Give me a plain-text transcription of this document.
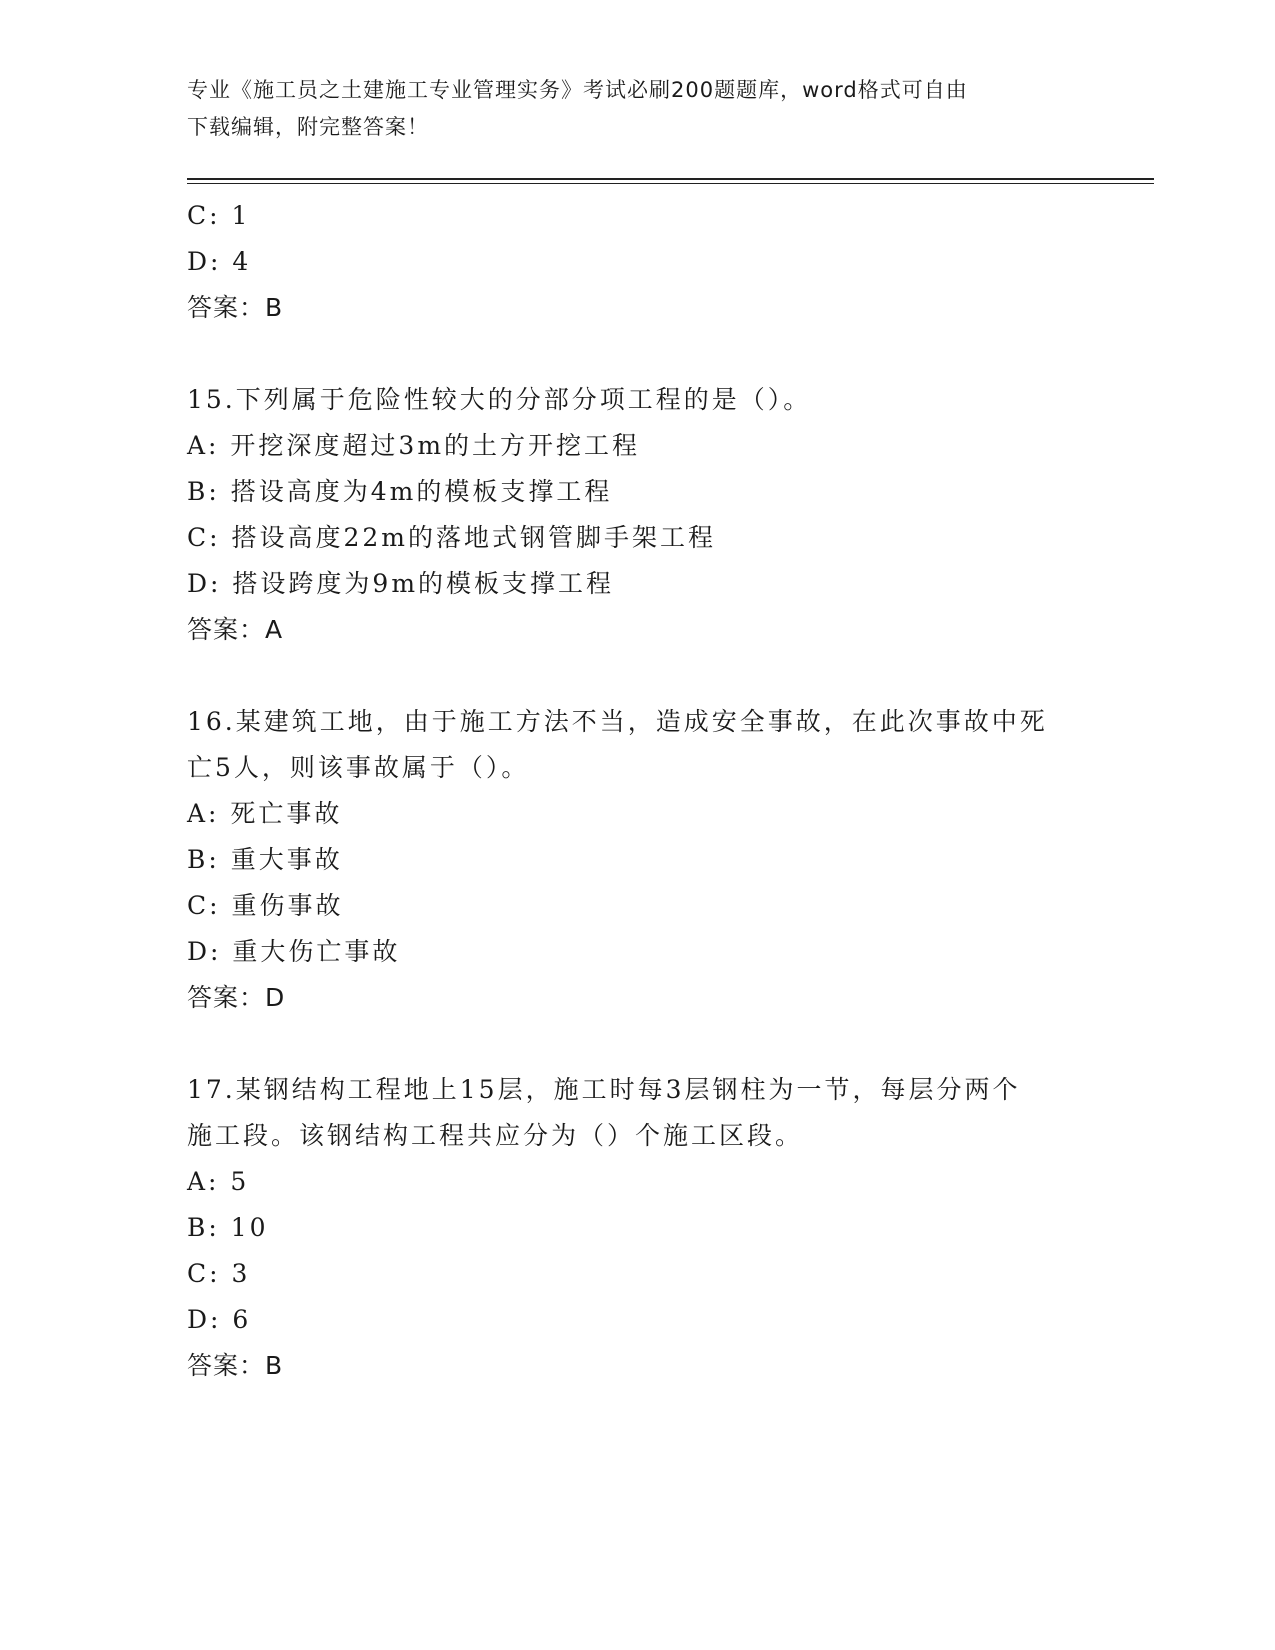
专业《施工员之土建施工专业管理实务》考试必刷200题题库，word格式可自由
下载编辑，附完整答案！
C: 1
D: 4
答案：B
15.下列属于危险性较大的分部分项工程的是（）。
A: 开挖深度超过3m的土方开挖工程
B: 搭设高度为4m的模板支撑工程
C: 搭设高度22m的落地式钢管脚手架工程
D: 搭设跨度为9m的模板支撑工程
答案：A
16.某建筑工地，由于施工方法不当，造成安全事故，在此次事故中死
亡5人，则该事故属于（）。
A: 死亡事故
B: 重大事故
C: 重伤事故
D: 重大伤亡事故
答案：D
17.某钢结构工程地上15层，施工时每3层钢柱为一节，每层分两个
施工段。该钢结构工程共应分为（）个施工区段。
A: 5
B: 10
C: 3
D: 6
答案：B
